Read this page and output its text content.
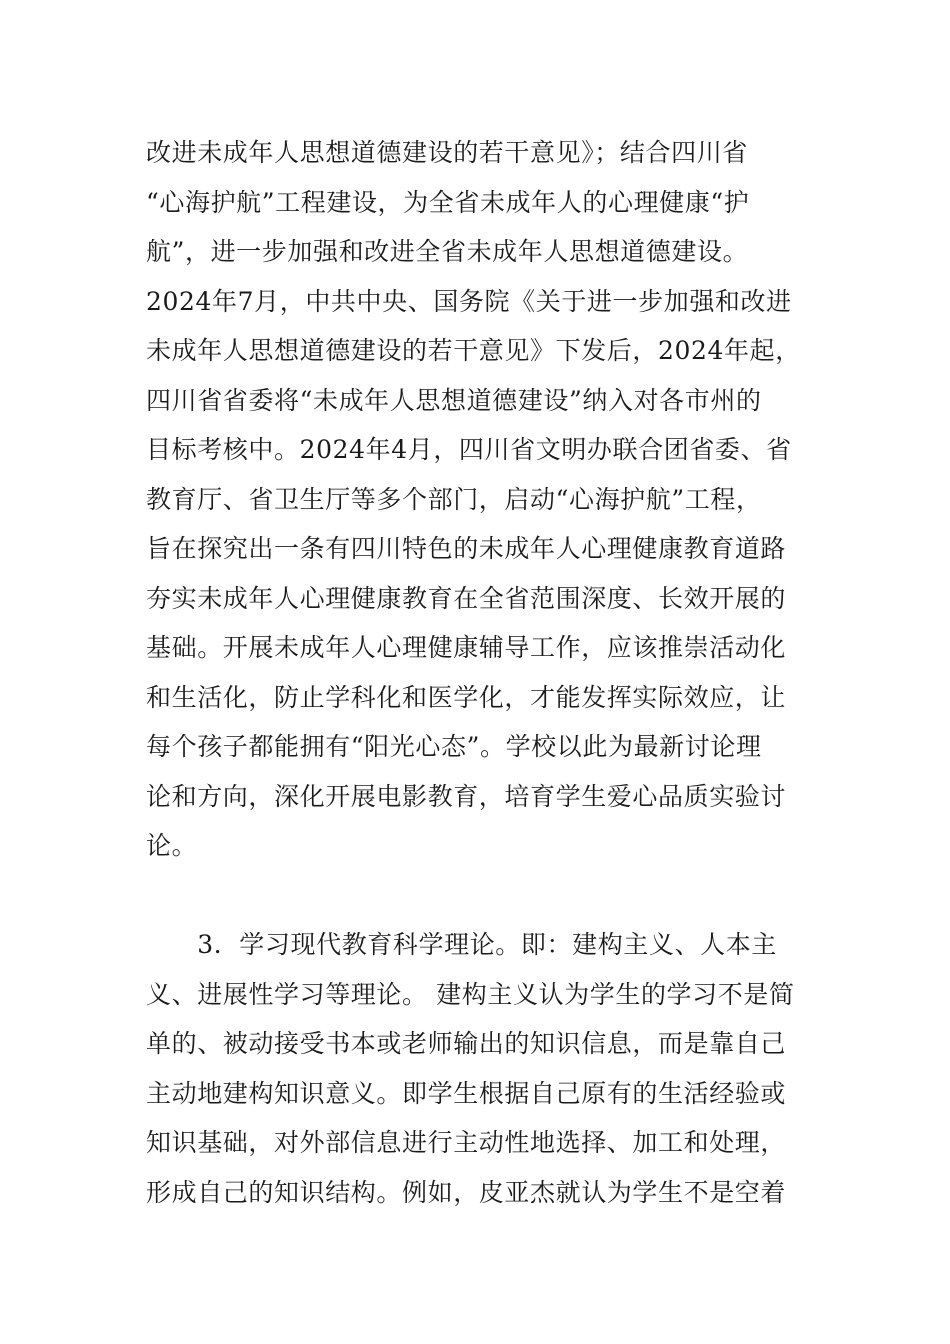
改进未成年人思想道德建设的若干意见》；结合四川省
“心海护航”工程建设，为全省未成年人的心理健康“护
航”，进一步加强和改进全省未成年人思想道德建设。
2024年7月，中共中央、国务院《关于进一步加强和改进
未成年人思想道德建设的若干意见》下发后，2024年起，
四川省省委将“未成年人思想道德建设”纳入对各市州的
目标考核中。2024年4月，四川省文明办联合团省委、省
教育厅、省卫生厅等多个部门，启动“心海护航”工程，
旨在探究出一条有四川特色的未成年人心理健康教育道路
夯实未成年人心理健康教育在全省范围深度、长效开展的
基础。开展未成年人心理健康辅导工作，应该推崇活动化
和生活化，防止学科化和医学化，才能发挥实际效应，让
每个孩子都能拥有“阳光心态”。学校以此为最新讨论理
论和方向，深化开展电影教育，培育学生爱心品质实验讨
论。
　　3．学习现代教育科学理论。即：建构主义、人本主
义、进展性学习等理论。 建构主义认为学生的学习不是简
单的、被动接受书本或老师输出的知识信息，而是靠自己
主动地建构知识意义。即学生根据自己原有的生活经验或
知识基础，对外部信息进行主动性地选择、加工和处理，
形成自己的知识结构。例如，皮亚杰就认为学生不是空着
